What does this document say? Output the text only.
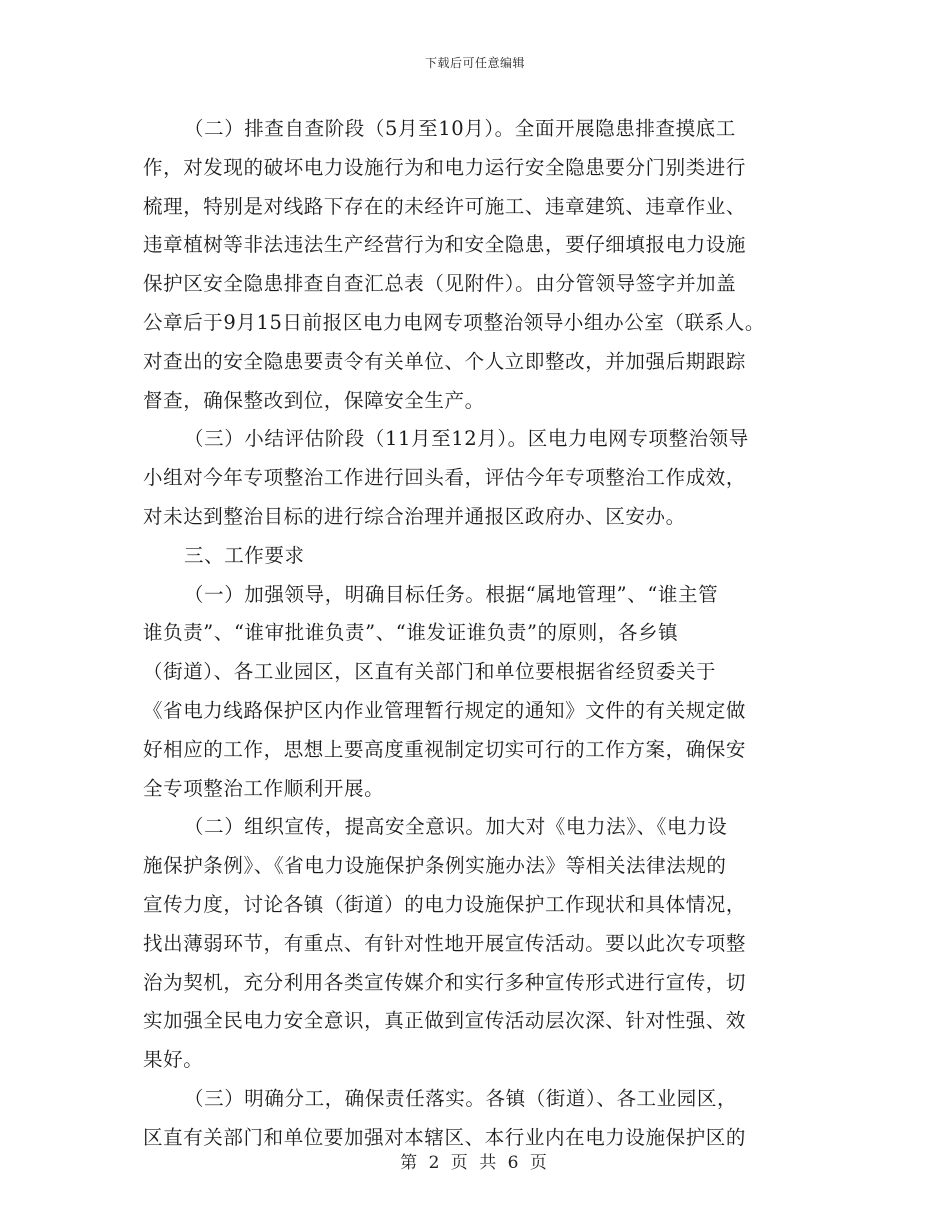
下载后可任意编辑
（二）排查自查阶段（5月至10月）。全面开展隐患排查摸底工
作，对发现的破坏电力设施行为和电力运行安全隐患要分门别类进行
梳理，特别是对线路下存在的未经许可施工、违章建筑、违章作业、
违章植树等非法违法生产经营行为和安全隐患，要仔细填报电力设施
保护区安全隐患排查自查汇总表（见附件）。由分管领导签字并加盖
公章后于9月15日前报区电力电网专项整治领导小组办公室（联系人。
对查出的安全隐患要责令有关单位、个人立即整改，并加强后期跟踪
督查，确保整改到位，保障安全生产。
（三）小结评估阶段（11月至12月）。区电力电网专项整治领导
小组对今年专项整治工作进行回头看，评估今年专项整治工作成效，
对未达到整治目标的进行综合治理并通报区政府办、区安办。
三、工作要求
（一）加强领导，明确目标任务。根据“属地管理”、“谁主管
谁负责”、“谁审批谁负责”、“谁发证谁负责”的原则，各乡镇
（街道）、各工业园区，区直有关部门和单位要根据省经贸委关于
《省电力线路保护区内作业管理暂行规定的通知》文件的有关规定做
好相应的工作，思想上要高度重视制定切实可行的工作方案，确保安
全专项整治工作顺利开展。
（二）组织宣传，提高安全意识。加大对《电力法》、《电力设
施保护条例》、《省电力设施保护条例实施办法》等相关法律法规的
宣传力度，讨论各镇（街道）的电力设施保护工作现状和具体情况，
找出薄弱环节，有重点、有针对性地开展宣传活动。要以此次专项整
治为契机，充分利用各类宣传媒介和实行多种宣传形式进行宣传，切
实加强全民电力安全意识，真正做到宣传活动层次深、针对性强、效
果好。
（三）明确分工，确保责任落实。各镇（街道）、各工业园区，
区直有关部门和单位要加强对本辖区、本行业内在电力设施保护区的
第 2 页 共 6 页
